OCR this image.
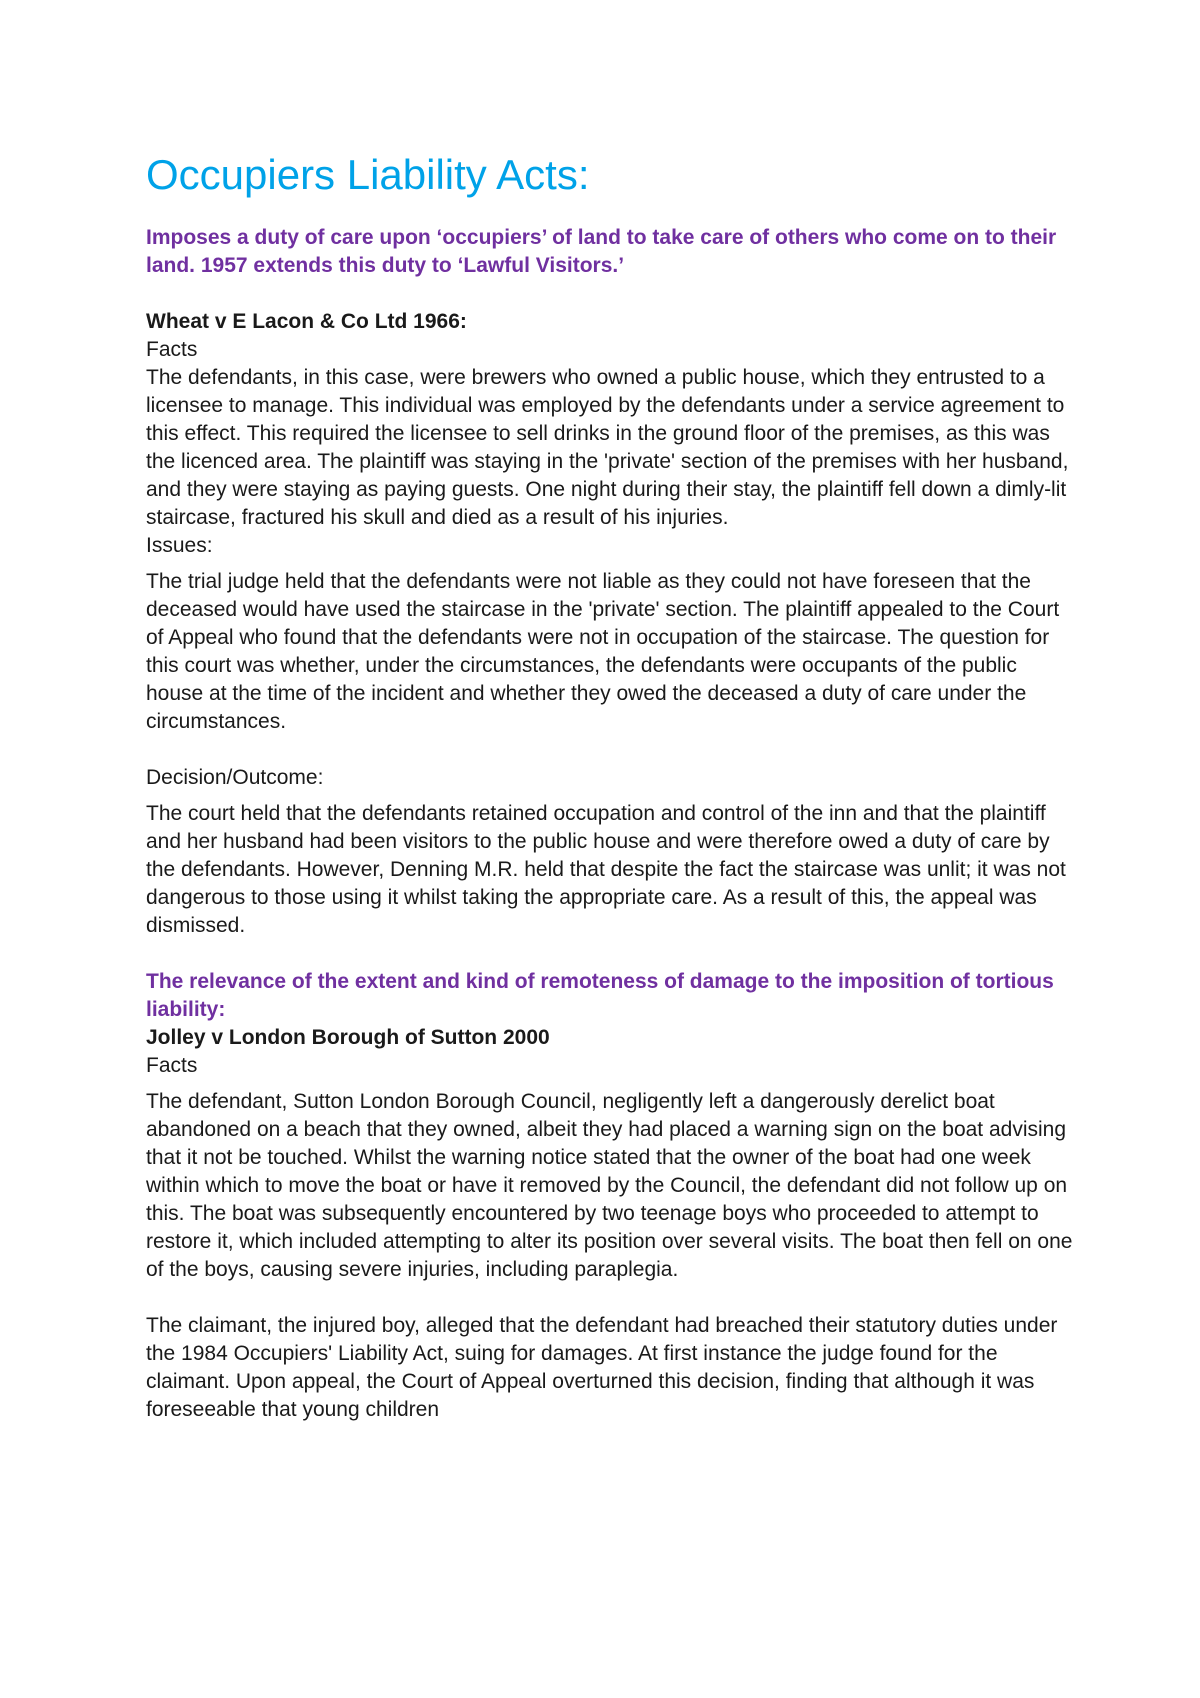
Occupiers Liability Acts:

Imposes a duty of care upon ‘occupiers’ of land to take care of others who come on to their land. 1957 extends this duty to ‘Lawful Visitors.’

Wheat v E Lacon & Co Ltd 1966:

Facts

The defendants, in this case, were brewers who owned a public house, which they entrusted to a licensee to manage. This individual was employed by the defendants under a service agreement to this effect. This required the licensee to sell drinks in the ground floor of the premises, as this was the licenced area. The plaintiff was staying in the 'private' section of the premises with her husband, and they were staying as paying guests. One night during their stay, the plaintiff fell down a dimly-lit staircase, fractured his skull and died as a result of his injuries.

Issues:

The trial judge held that the defendants were not liable as they could not have foreseen that the deceased would have used the staircase in the 'private' section. The plaintiff appealed to the Court of Appeal who found that the defendants were not in occupation of the staircase. The question for this court was whether, under the circumstances, the defendants were occupants of the public house at the time of the incident and whether they owed the deceased a duty of care under the circumstances.

Decision/Outcome:

The court held that the defendants retained occupation and control of the inn and that the plaintiff and her husband had been visitors to the public house and were therefore owed a duty of care by the defendants. However, Denning M.R. held that despite the fact the staircase was unlit; it was not dangerous to those using it whilst taking the appropriate care. As a result of this, the appeal was dismissed.

The relevance of the extent and kind of remoteness of damage to the imposition of tortious liability:

Jolley v London Borough of Sutton 2000

Facts

The defendant, Sutton London Borough Council, negligently left a dangerously derelict boat abandoned on a beach that they owned, albeit they had placed a warning sign on the boat advising that it not be touched. Whilst the warning notice stated that the owner of the boat had one week within which to move the boat or have it removed by the Council, the defendant did not follow up on this. The boat was subsequently encountered by two teenage boys who proceeded to attempt to restore it, which included attempting to alter its position over several visits. The boat then fell on one of the boys, causing severe injuries, including paraplegia.

The claimant, the injured boy, alleged that the defendant had breached their statutory duties under the 1984 Occupiers' Liability Act, suing for damages. At first instance the judge found for the claimant. Upon appeal, the Court of Appeal overturned this decision, finding that although it was foreseeable that young children
